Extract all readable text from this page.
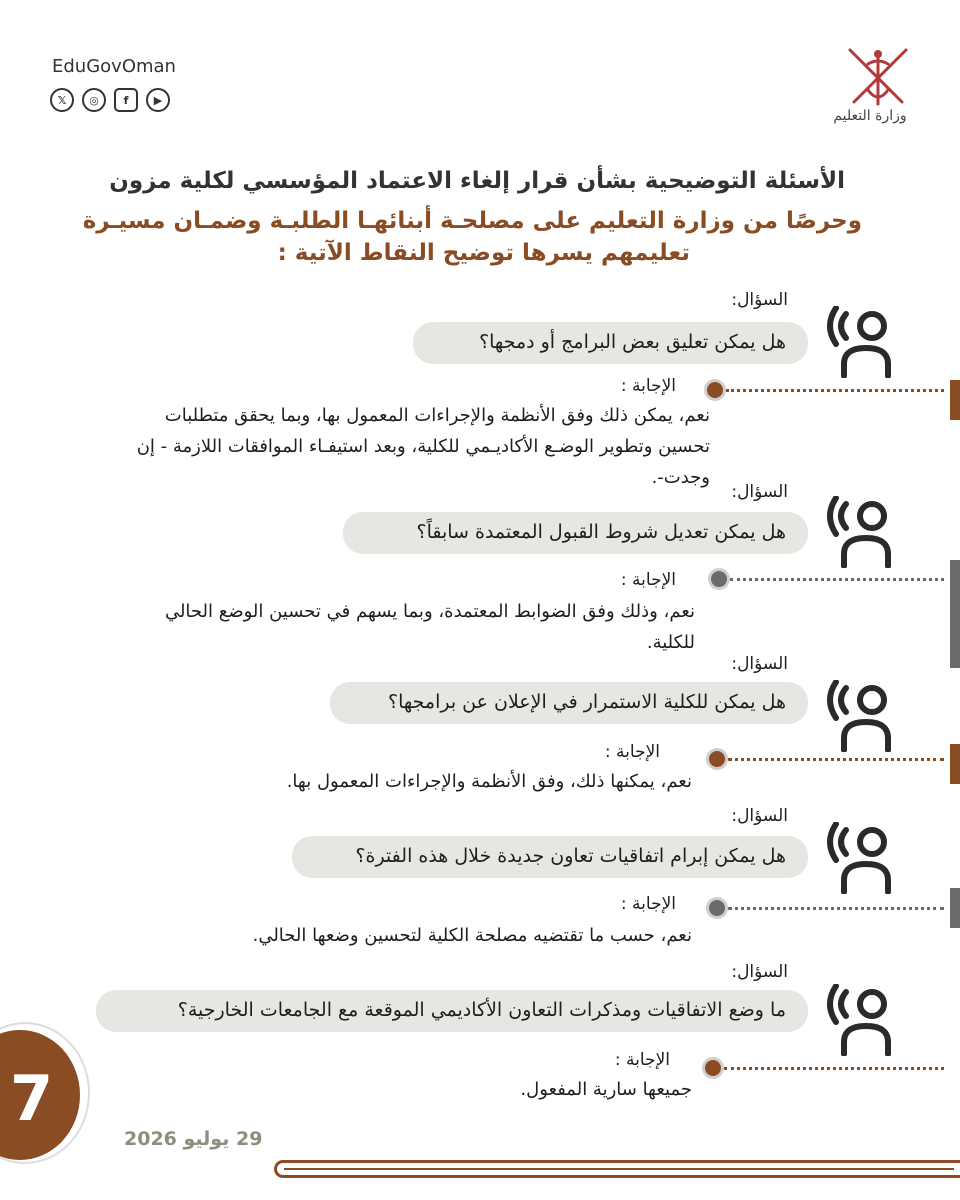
EduGovOman
𝕏	◎	f	▶
وزارة التعليم
الأسئلة التوضيحية بشأن قرار إلغاء الاعتماد المؤسسي لكلية مزون
وحرصًا من وزارة التعليم على مصلحـة أبنائهـا الطلبـة وضمـان مسيـرة
تعليمهم يسرها توضيح النقاط الآتية :
السؤال:
هل يمكن تعليق بعض البرامج أو دمجها؟
الإجابة :
نعم، يمكن ذلك وفق الأنظمة والإجراءات المعمول بها، وبما يحقق متطلبات تحسين وتطوير الوضـع الأكاديـمي للكلية، وبعد استيفـاء الموافقات اللازمة - إن وجدت-.
السؤال:
هل يمكن تعديل شروط القبول المعتمدة سابقاً؟
الإجابة :
نعم، وذلك وفق الضوابط المعتمدة، وبما يسهم في تحسين الوضع الحالي للكلية.
السؤال:
هل يمكن للكلية الاستمرار في الإعلان عن برامجها؟
الإجابة :
نعم، يمكنها ذلك، وفق الأنظمة والإجراءات المعمول بها.
السؤال:
هل يمكن إبرام اتفاقيات تعاون جديدة خلال هذه الفترة؟
الإجابة :
نعم، حسب ما تقتضيه مصلحة الكلية لتحسين وضعها الحالي.
السؤال:
ما وضع الاتفاقيات ومذكرات التعاون الأكاديمي الموقعة مع الجامعات الخارجية؟
الإجابة :
جميعها سارية المفعول.
7
29 يوليو 2026
